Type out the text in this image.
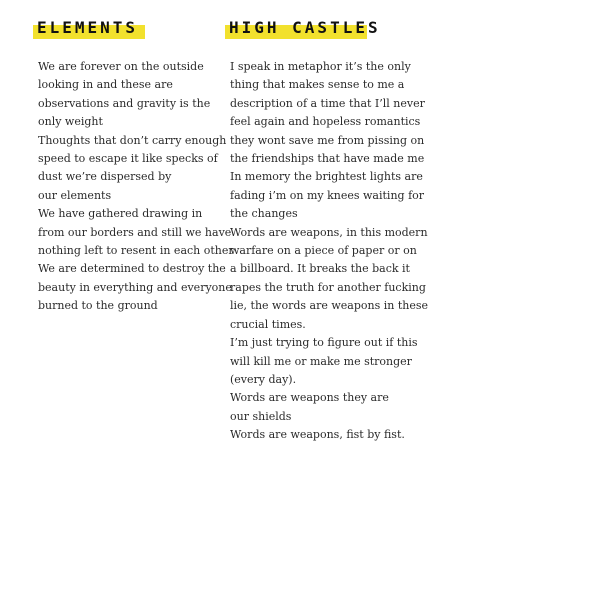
ELEMENTS
We are forever on the outside
looking in and these are
observations and gravity is the
only weight
Thoughts that don’t carry enough
speed to escape it like specks of
dust we’re dispersed by
our elements
We have gathered drawing in
from our borders and still we have
nothing left to resent in each other
We are determined to destroy the
beauty in everything and everyone
burned to the ground
HIGH CASTLES
I speak in metaphor it’s the only
thing that makes sense to me a
description of a time that I’ll never
feel again and hopeless romantics
they wont save me from pissing on
the friendships that have made me
In memory the brightest lights are
fading i’m on my knees waiting for
the changes
Words are weapons, in this modern
warfare on a piece of paper or on
a billboard. It breaks the back it
rapes the truth for another fucking
lie, the words are weapons in these
crucial times.
I’m just trying to figure out if this
will kill me or make me stronger
(every day).
Words are weapons they are
our shields
Words are weapons, fist by fist.
